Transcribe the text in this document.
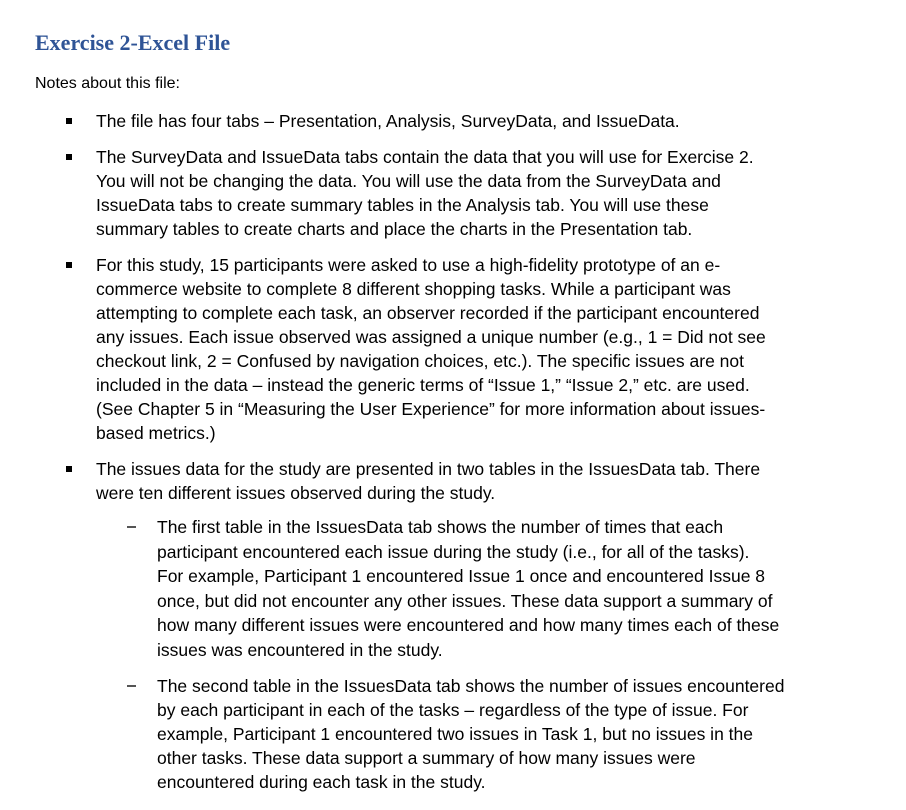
Exercise 2-Excel File
Notes about this file:
The file has four tabs – Presentation, Analysis, SurveyData, and IssueData.
The SurveyData and IssueData tabs contain the data that you will use for Exercise 2.
You will not be changing the data. You will use the data from the SurveyData and
IssueData tabs to create summary tables in the Analysis tab. You will use these
summary tables to create charts and place the charts in the Presentation tab.
For this study, 15 participants were asked to use a high-fidelity prototype of an e-
commerce website to complete 8 different shopping tasks. While a participant was
attempting to complete each task, an observer recorded if the participant encountered
any issues. Each issue observed was assigned a unique number (e.g., 1 = Did not see
checkout link, 2 = Confused by navigation choices, etc.). The specific issues are not
included in the data – instead the generic terms of “Issue 1,” “Issue 2,” etc. are used.
(See Chapter 5 in “Measuring the User Experience” for more information about issues-
based metrics.)
The issues data for the study are presented in two tables in the IssuesData tab. There
were ten different issues observed during the study.
The first table in the IssuesData tab shows the number of times that each
participant encountered each issue during the study (i.e., for all of the tasks).
For example, Participant 1 encountered Issue 1 once and encountered Issue 8
once, but did not encounter any other issues. These data support a summary of
how many different issues were encountered and how many times each of these
issues was encountered in the study.
The second table in the IssuesData tab shows the number of issues encountered
by each participant in each of the tasks – regardless of the type of issue. For
example, Participant 1 encountered two issues in Task 1, but no issues in the
other tasks. These data support a summary of how many issues were
encountered during each task in the study.
